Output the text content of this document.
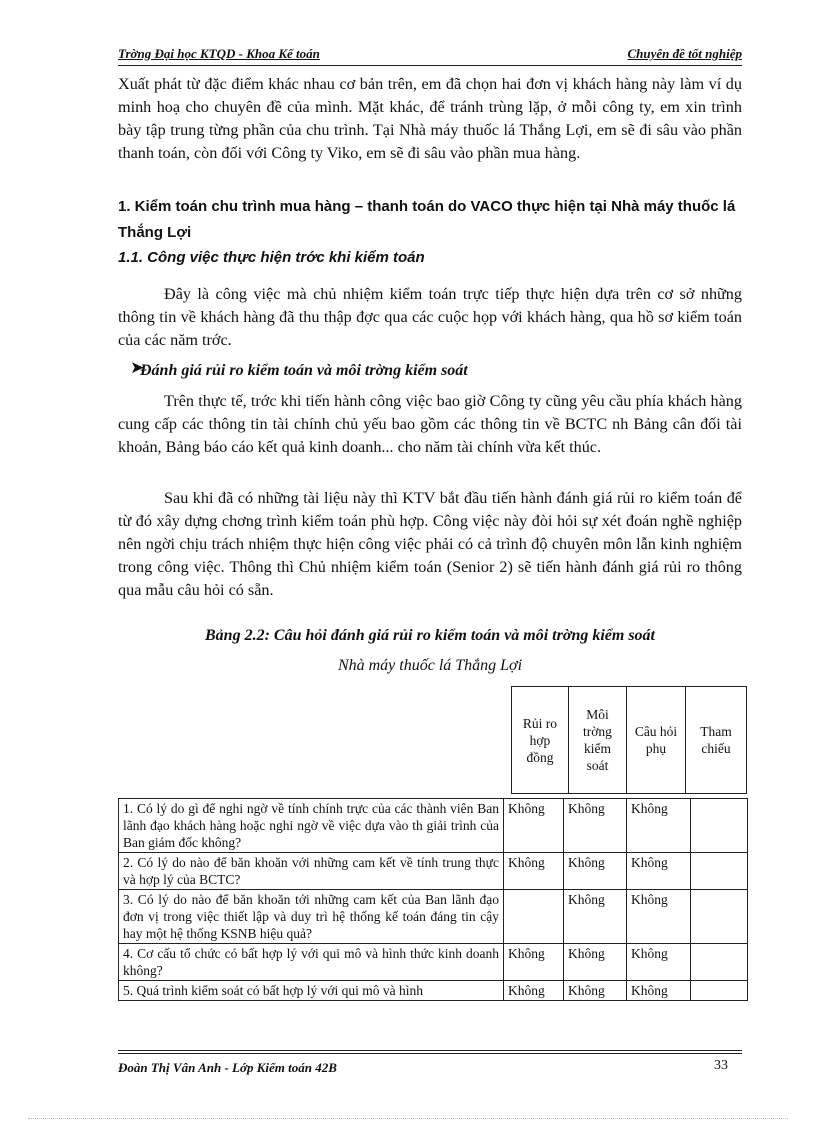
Trờng Đại học KTQD - Khoa Kế toán	Chuyên đề tốt nghiệp
Xuất phát từ đặc điểm khác nhau cơ bản trên, em đã chọn hai đơn vị khách hàng này làm ví dụ minh hoạ cho chuyên đề của mình. Mặt khác, để tránh trùng lặp, ở mỗi công ty, em xin trình bày tập trung từng phần của chu trình. Tại Nhà máy thuốc lá Thắng Lợi, em sẽ đi sâu vào phần thanh toán, còn đối với Công ty Viko, em sẽ đi sâu vào phần mua hàng.
1. Kiểm toán chu trình mua hàng – thanh toán do VACO thực hiện tại Nhà máy thuốc lá Thắng Lợi
1.1. Công việc thực hiện trớc khi kiểm toán
Đây là công việc mà chủ nhiệm kiểm toán trực tiếp thực hiện dựa trên cơ sở những thông tin về khách hàng đã thu thập đợc qua các cuộc họp với khách hàng, qua hồ sơ kiểm toán của các năm trớc.
➤
Đánh giá rủi ro kiểm toán và môi trờng kiểm soát
Trên thực tế, trớc khi tiến hành công việc bao giờ Công ty cũng yêu cầu phía khách hàng cung cấp các thông tin tài chính chủ yếu bao gồm các thông tin về BCTC nh Bảng cân đối tài khoản, Bảng báo cáo kết quả kinh doanh... cho năm tài chính vừa kết thúc.
Sau khi đã có những tài liệu này thì KTV bắt đầu tiến hành đánh giá rủi ro kiểm toán để từ đó xây dựng chơng trình kiểm toán phù hợp. Công việc này đòi hỏi sự xét đoán nghề nghiệp nên ngời chịu trách nhiệm thực hiện công việc phải có cả trình độ chuyên môn lẫn kinh nghiệm trong công việc. Thông thì Chủ nhiệm kiểm toán (Senior 2) sẽ tiến hành đánh giá rủi ro thông qua mẫu câu hỏi có sẵn.
Bảng 2.2: Câu hỏi đánh giá rủi ro kiểm toán và môi trờng kiểm soát
Nhà máy thuốc lá Thắng Lợi
Rủi ro hợp đồng	Môi trờng kiểm soát	Câu hỏi phụ	Tham chiếu
1. Có lý do gì để nghi ngờ về tính chính trực của các thành viên Ban lãnh đạo khách hàng hoặc nghi ngờ về việc dựa vào th giải trình của Ban giám đốc không?	Không	Không	Không	
2. Có lý do nào để băn khoăn với những cam kết về tính trung thực và hợp lý của BCTC?	Không	Không	Không	
3. Có lý do nào để băn khoăn tới những cam kết của Ban lãnh đạo đơn vị trong việc thiết lập và duy trì hệ thống kế toán đáng tin cậy hay một hệ thống KSNB hiệu quả?		Không	Không	
4. Cơ cấu tổ chức có bất hợp lý với qui mô và hình thức kinh doanh không?	Không	Không	Không	
5. Quá trình kiểm soát có bất hợp lý với qui mô và hình	Không	Không	Không	
Đoàn Thị Vân Anh - Lớp Kiểm toán 42B	33
